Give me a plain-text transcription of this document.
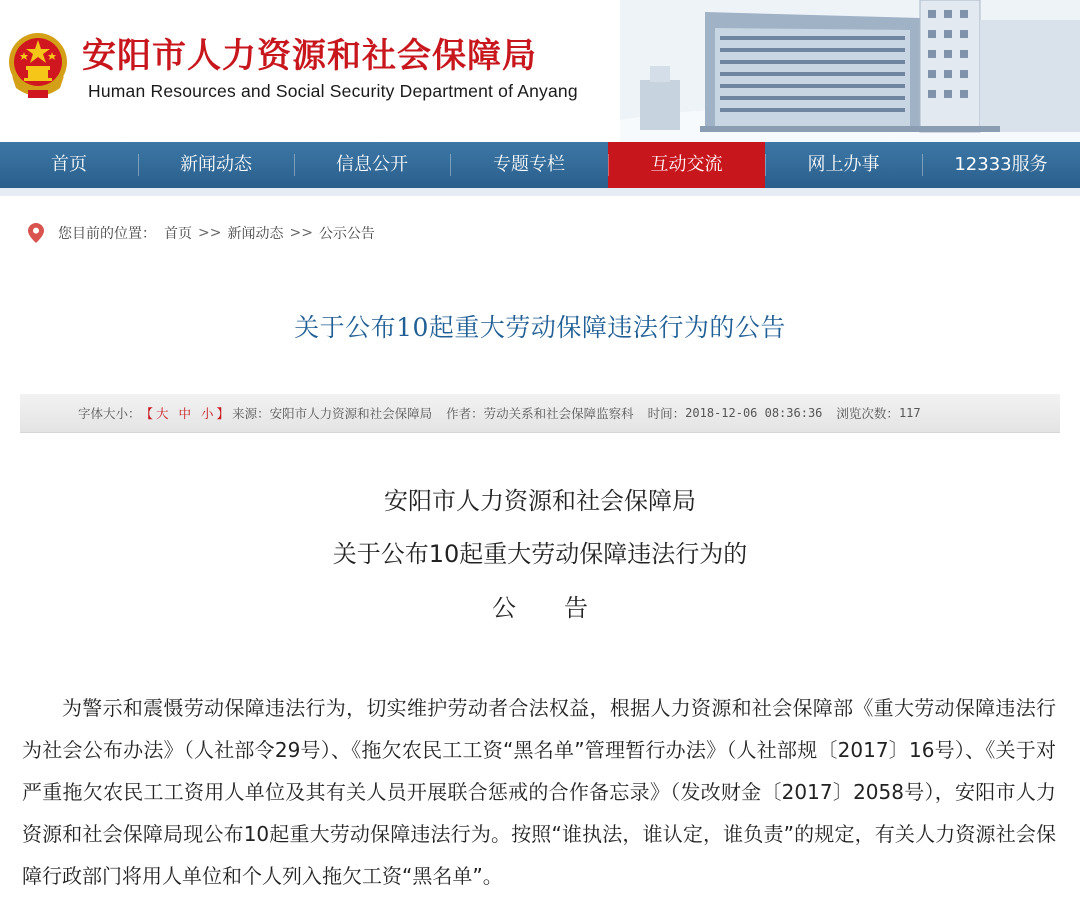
安阳市人力资源和社会保障局
Human Resources and Social Security Department of Anyang
首页	新闻动态	信息公开	专题专栏	互动交流	网上办事	12333服务
您目前的位置： 首页 >> 新闻动态 >> 公示公告
关于公布10起重大劳动保障违法行为的公告
字体大小： 【大 中 小】 来源： 安阳市人力资源和社会保障局 作者： 劳动关系和社会保障监察科 时间： 2018-12-06 08:36:36 浏览次数： 117
安阳市人力资源和社会保障局
关于公布10起重大劳动保障违法行为的
公　　告

为警示和震慑劳动保障违法行为，切实维护劳动者合法权益，根据人力资源和社会保障部《重大劳动保障违法行为社会公布办法》（人社部令29号）、《拖欠农民工工资“黑名单”管理暂行办法》（人社部规〔2017〕16号）、《关于对严重拖欠农民工工资用人单位及其有关人员开展联合惩戒的合作备忘录》（发改财金〔2017〕2058号），安阳市人力资源和社会保障局现公布10起重大劳动保障违法行为。按照“谁执法，谁认定，谁负责”的规定，有关人力资源社会保障行政部门将用人单位和个人列入拖欠工资“黑名单”。
